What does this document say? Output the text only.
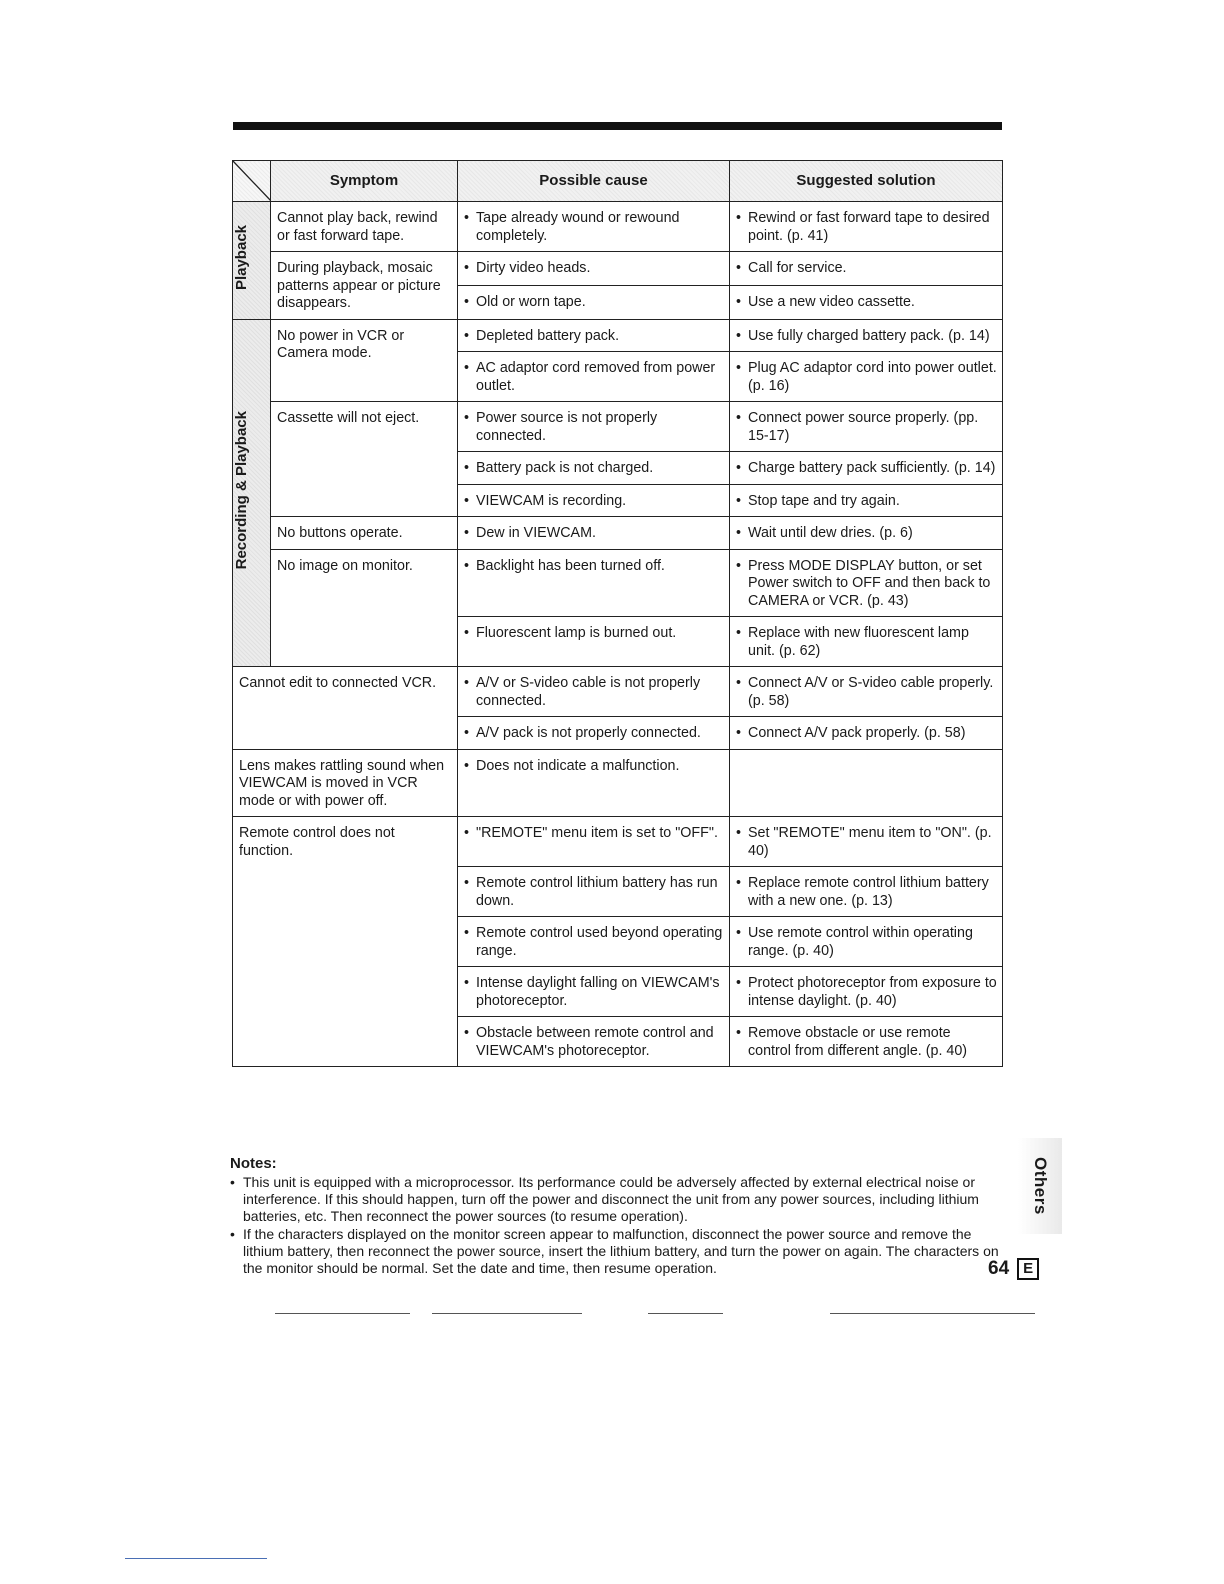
	Symptom	Possible cause	Suggested solution
Playback	Cannot play back, rewind or fast forward tape.	• Tape already wound or rewound completely.	• Rewind or fast forward tape to desired point. (p. 41)

	During playback, mosaic patterns appear or picture disappears.	• Dirty video heads.	• Call for service.

		• Old or worn tape.	• Use a new video cassette.

Recording & Playback	No power in VCR or Camera mode.	• Depleted battery pack.	• Use fully charged battery pack. (p. 14)

		• AC adaptor cord removed from power outlet.	• Plug AC adaptor cord into power outlet. (p. 16)

	Cassette will not eject.	• Power source is not properly connected.	• Connect power source properly. (pp. 15-17)

		• Battery pack is not charged.	• Charge battery pack sufficiently. (p. 14)

		• VIEWCAM is recording.	• Stop tape and try again.

	No buttons operate.	• Dew in VIEWCAM.	• Wait until dew dries. (p. 6)

	No image on monitor.	• Backlight has been turned off.	• Press MODE DISPLAY button, or set Power switch to OFF and then back to CAMERA or VCR. (p. 43)

		• Fluorescent lamp is burned out.	• Replace with new fluorescent lamp unit. (p. 62)

Cannot edit to connected VCR.		• A/V or S-video cable is not properly connected.	• Connect A/V or S-video cable properly. (p. 58)

		• A/V pack is not properly connected.	• Connect A/V pack properly. (p. 58)

Lens makes rattling sound when VIEWCAM is moved in VCR mode or with power off.		• Does not indicate a malfunction.	

Remote control does not function.		• "REMOTE" menu item is set to "OFF".	• Set "REMOTE" menu item to "ON". (p. 40)

		• Remote control lithium battery has run down.	• Replace remote control lithium battery with a new one. (p. 13)

		• Remote control used beyond operating range.	• Use remote control within operating range. (p. 40)

		• Intense daylight falling on VIEWCAM's photoreceptor.	• Protect photoreceptor from exposure to intense daylight. (p. 40)

		• Obstacle between remote control and VIEWCAM's photoreceptor.	• Remove obstacle or use remote control from different angle. (p. 40)
Notes:
• This unit is equipped with a microprocessor. Its performance could be adversely affected by external electrical noise or interference. If this should happen, turn off the power and disconnect the unit from any power sources, including lithium batteries, etc. Then reconnect the power sources (to resume operation).
• If the characters displayed on the monitor screen appear to malfunction, disconnect the power source and remove the lithium battery, then reconnect the power source, insert the lithium battery, and turn the power on again. The characters on the monitor should be normal. Set the date and time, then resume operation.
Others
64 E
